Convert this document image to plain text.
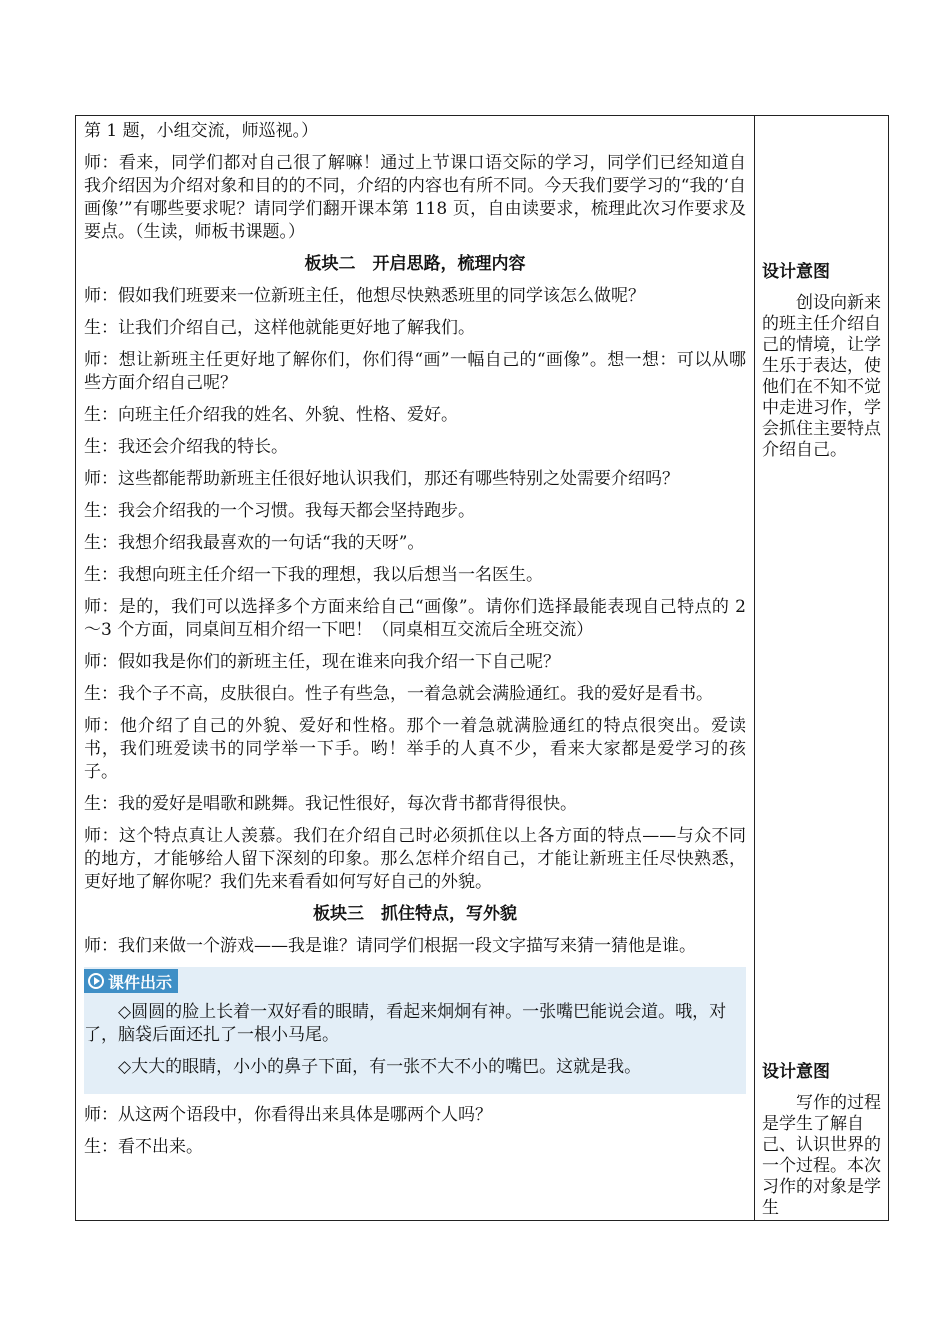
第 1 题，小组交流，师巡视。）

师：看来，同学们都对自己很了解嘛！通过上节课口语交际的学习，同学们已经知道自我介绍因为介绍对象和目的的不同，介绍的内容也有所不同。今天我们要学习的“我的‘自画像’”有哪些要求呢？请同学们翻开课本第 118 页，自由读要求，梳理此次习作要求及要点。（生读，师板书课题。）

板块二　开启思路，梳理内容

师：假如我们班要来一位新班主任，他想尽快熟悉班里的同学该怎么做呢？

生：让我们介绍自己，这样他就能更好地了解我们。

师：想让新班主任更好地了解你们，你们得“画”一幅自己的“画像”。想一想：可以从哪些方面介绍自己呢？

生：向班主任介绍我的姓名、外貌、性格、爱好。

生：我还会介绍我的特长。

师：这些都能帮助新班主任很好地认识我们，那还有哪些特别之处需要介绍吗？

生：我会介绍我的一个习惯。我每天都会坚持跑步。

生：我想介绍我最喜欢的一句话“我的天呀”。

生：我想向班主任介绍一下我的理想，我以后想当一名医生。

师：是的，我们可以选择多个方面来给自己“画像”。请你们选择最能表现自己特点的 2～3 个方面，同桌间互相介绍一下吧！（同桌相互交流后全班交流）

师：假如我是你们的新班主任，现在谁来向我介绍一下自己呢？

生：我个子不高，皮肤很白。性子有些急，一着急就会满脸通红。我的爱好是看书。

师：他介绍了自己的外貌、爱好和性格。那个一着急就满脸通红的特点很突出。爱读书，我们班爱读书的同学举一下手。哟！举手的人真不少，看来大家都是爱学习的孩子。

生：我的爱好是唱歌和跳舞。我记性很好，每次背书都背得很快。

师：这个特点真让人羡慕。我们在介绍自己时必须抓住以上各方面的特点——与众不同的地方，才能够给人留下深刻的印象。那么怎样介绍自己，才能让新班主任尽快熟悉，更好地了解你呢？我们先来看看如何写好自己的外貌。

板块三　抓住特点，写外貌

师：我们来做一个游戏——我是谁？请同学们根据一段文字描写来猜一猜他是谁。

课件出示

◇圆圆的脸上长着一双好看的眼睛，看起来炯炯有神。一张嘴巴能说会道。哦，对了，脑袋后面还扎了一根小马尾。

◇大大的眼睛，小小的鼻子下面，有一张不大不小的嘴巴。这就是我。

师：从这两个语段中，你看得出来具体是哪两个人吗？

生：看不出来。

设计意图
创设向新来的班主任介绍自己的情境，让学生乐于表达，使他们在不知不觉中走进习作，学会抓住主要特点介绍自己。
设计意图
写作的过程是学生了解自己、认识世界的一个过程。本次习作的对象是学生
